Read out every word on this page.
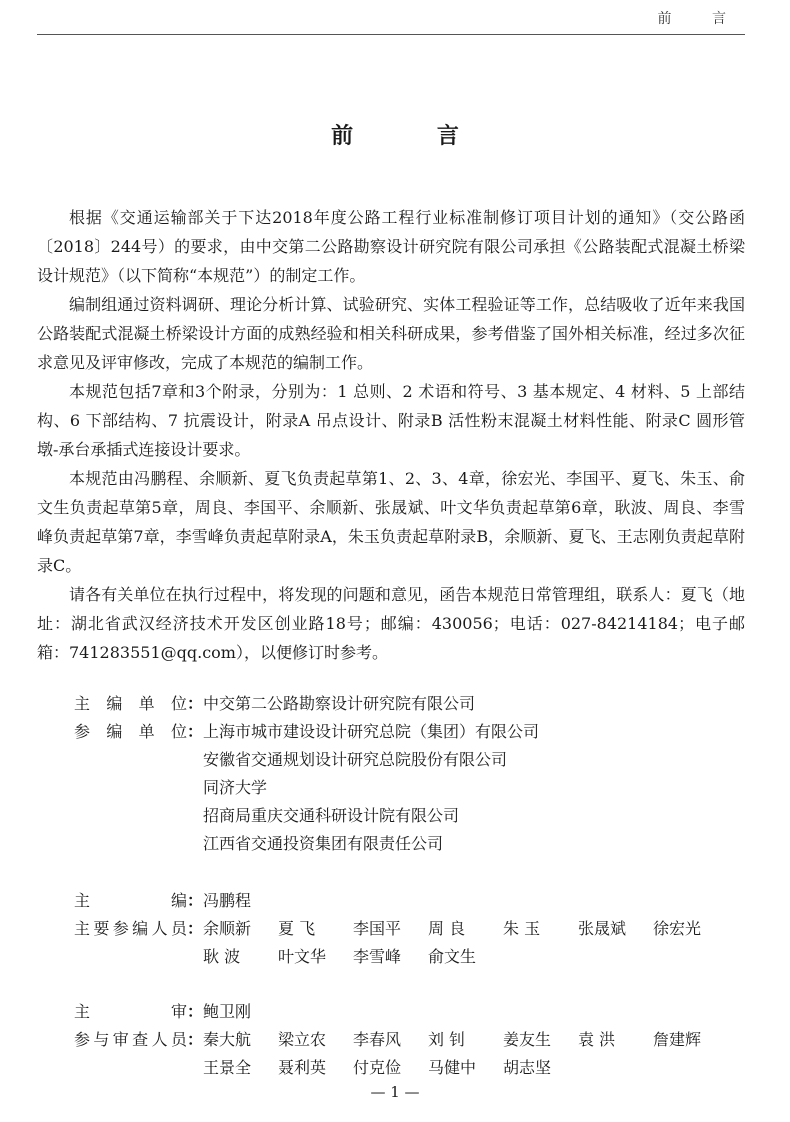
前 言
前 言

根据《交通运输部关于下达2018年度公路工程行业标准制修订项目计划的通知》（交公路函〔2018〕244号）的要求，由中交第二公路勘察设计研究院有限公司承担《公路装配式混凝土桥梁设计规范》（以下简称“本规范”）的制定工作。

编制组通过资料调研、理论分析计算、试验研究、实体工程验证等工作，总结吸收了近年来我国公路装配式混凝土桥梁设计方面的成熟经验和相关科研成果，参考借鉴了国外相关标准，经过多次征求意见及评审修改，完成了本规范的编制工作。

本规范包括7章和3个附录，分别为：1 总则、2 术语和符号、3 基本规定、4 材料、5 上部结构、6 下部结构、7 抗震设计，附录A 吊点设计、附录B 活性粉末混凝土材料性能、附录C 圆形管墩-承台承插式连接设计要求。

本规范由冯鹏程、余顺新、夏飞负责起草第1、2、3、4章，徐宏光、李国平、夏飞、朱玉、俞文生负责起草第5章，周良、李国平、余顺新、张晟斌、叶文华负责起草第6章，耿波、周良、李雪峰负责起草第7章，李雪峰负责起草附录A，朱玉负责起草附录B，余顺新、夏飞、王志刚负责起草附录C。

请各有关单位在执行过程中，将发现的问题和意见，函告本规范日常管理组，联系人：夏飞（地址：湖北省武汉经济技术开发区创业路18号；邮编：430056；电话：027-84214184；电子邮箱：741283551@qq.com），以便修订时参考。

主 编 单 位 ： 中交第二公路勘察设计研究院有限公司
参 编 单 位 ： 上海市城市建设设计研究总院（集团）有限公司
安徽省交通规划设计研究总院股份有限公司
同济大学
招商局重庆交通科研设计院有限公司
江西省交通投资集团有限责任公司
主	编 ： 冯鹏程
主 要 参 编 人 员 ： 余顺新	夏 飞	李国平	周 良	朱 玉	张晟斌	徐宏光
耿 波	叶文华	李雪峰	俞文生
主	审 ： 鲍卫刚
参 与 审 查 人 员 ： 秦大航	梁立农	李春风	刘 钊	姜友生	袁 洪	詹建辉
王景全	聂利英	付克俭	马健中	胡志坚
— 1 —
